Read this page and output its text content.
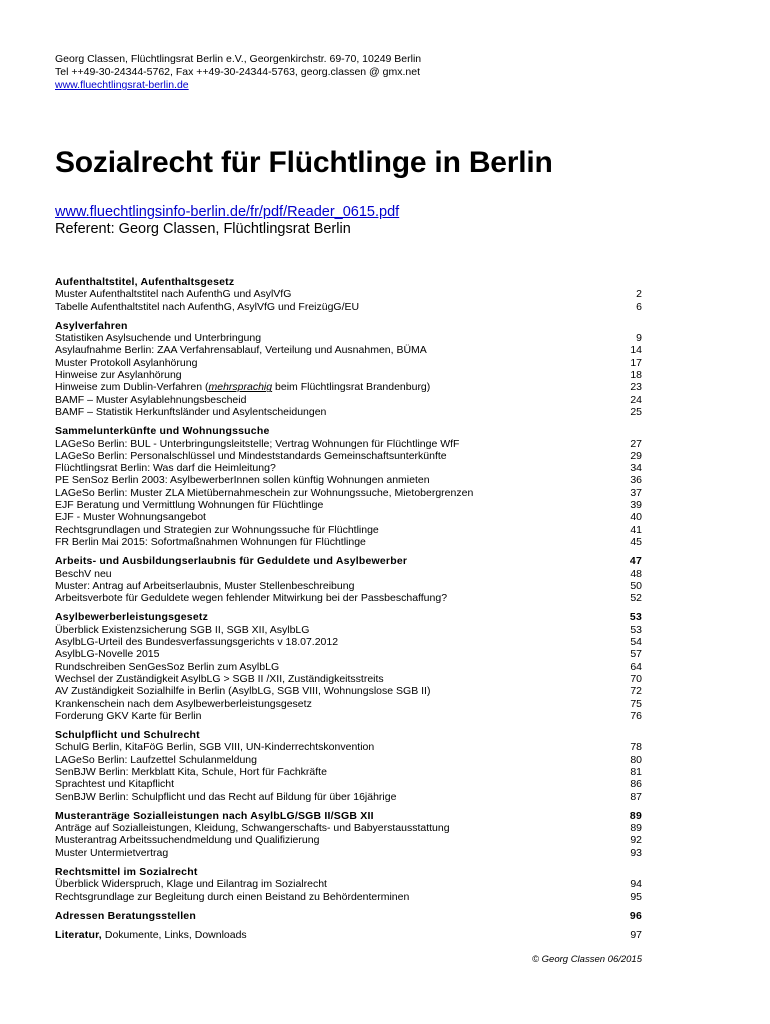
Georg Classen, Flüchtlingsrat Berlin e.V., Georgenkirchstr. 69-70, 10249 Berlin
Tel ++49-30-24344-5762, Fax ++49-30-24344-5763, georg.classen @ gmx.net
www.fluechtlingsrat-berlin.de
Sozialrecht für Flüchtlinge in Berlin
www.fluechtlingsinfo-berlin.de/fr/pdf/Reader_0615.pdf
Referent: Georg Classen, Flüchtlingsrat Berlin
Aufenthaltstitel, Aufenthaltsgesetz
Muster Aufenthaltstitel nach AufenthG und AsylVfG	2
Tabelle Aufenthaltstitel nach AufenthG, AsylVfG und FreizügG/EU	6
Asylverfahren
Statistiken Asylsuchende und Unterbringung	9
Asylaufnahme Berlin: ZAA Verfahrensablauf, Verteilung und Ausnahmen, BÜMA	14
Muster Protokoll Asylanhörung	17
Hinweise zur Asylanhörung	18
Hinweise zum Dublin-Verfahren (mehrsprachig beim Flüchtlingsrat Brandenburg)	23
BAMF – Muster Asylablehnungsbescheid	24
BAMF – Statistik Herkunftsländer und Asylentscheidungen	25
Sammelunterkünfte und Wohnungssuche
LAGeSo Berlin: BUL - Unterbringungsleitstelle; Vertrag Wohnungen für Flüchtlinge WfF	27
LAGeSo Berlin: Personalschlüssel und Mindeststandards Gemeinschaftsunterkünfte	29
Flüchtlingsrat Berlin: Was darf die Heimleitung?	34
PE SenSoz Berlin 2003: AsylbewerberInnen sollen künftig Wohnungen anmieten	36
LAGeSo Berlin: Muster ZLA Mietübernahmeschein zur Wohnungssuche, Mietobergrenzen	37
EJF Beratung und Vermittlung Wohnungen für Flüchtlinge	39
EJF - Muster Wohnungsangebot	40
Rechtsgrundlagen und Strategien zur Wohnungssuche für Flüchtlinge	41
FR Berlin Mai 2015: Sofortmaßnahmen Wohnungen für Flüchtlinge	45
Arbeits- und Ausbildungserlaubnis für Geduldete und Asylbewerber	47
BeschV neu	48
Muster: Antrag auf Arbeitserlaubnis, Muster Stellenbeschreibung	50
Arbeitsverbote für Geduldete wegen fehlender Mitwirkung bei der Passbeschaffung?	52
Asylbewerberleistungsgesetz	53
Überblick Existenzsicherung SGB II, SGB XII, AsylbLG	53
AsylbLG-Urteil des Bundesverfassungsgerichts v 18.07.2012	54
AsylbLG-Novelle 2015	57
Rundschreiben SenGesSoz Berlin zum AsylbLG	64
Wechsel der Zuständigkeit AsylbLG > SGB II /XII, Zuständigkeitsstreits	70
AV Zuständigkeit Sozialhilfe in Berlin (AsylbLG, SGB VIII, Wohnungslose SGB II)	72
Krankenschein nach dem Asylbewerberleistungsgesetz	75
Forderung GKV Karte für Berlin	76
Schulpflicht und Schulrecht
SchulG Berlin, KitaFöG Berlin, SGB VIII, UN-Kinderrechtskonvention	78
LAGeSo Berlin: Laufzettel Schulanmeldung	80
SenBJW Berlin: Merkblatt Kita, Schule, Hort für Fachkräfte	81
Sprachtest und Kitapflicht	86
SenBJW Berlin: Schulpflicht und das Recht auf Bildung für über 16jährige	87
Musteranträge Sozialleistungen nach AsylbLG/SGB II/SGB XII	89
Anträge auf Sozialleistungen, Kleidung, Schwangerschafts- und Babyerstausstattung	89
Musterantrag Arbeitssuchendmeldung und Qualifizierung	92
Muster Untermietvertrag	93
Rechtsmittel im Sozialrecht
Überblick Widerspruch, Klage und Eilantrag im Sozialrecht	94
Rechtsgrundlage zur Begleitung durch einen Beistand zu Behördenterminen	95
Adressen Beratungsstellen	96
Literatur, Dokumente, Links, Downloads	97
© Georg Classen 06/2015
